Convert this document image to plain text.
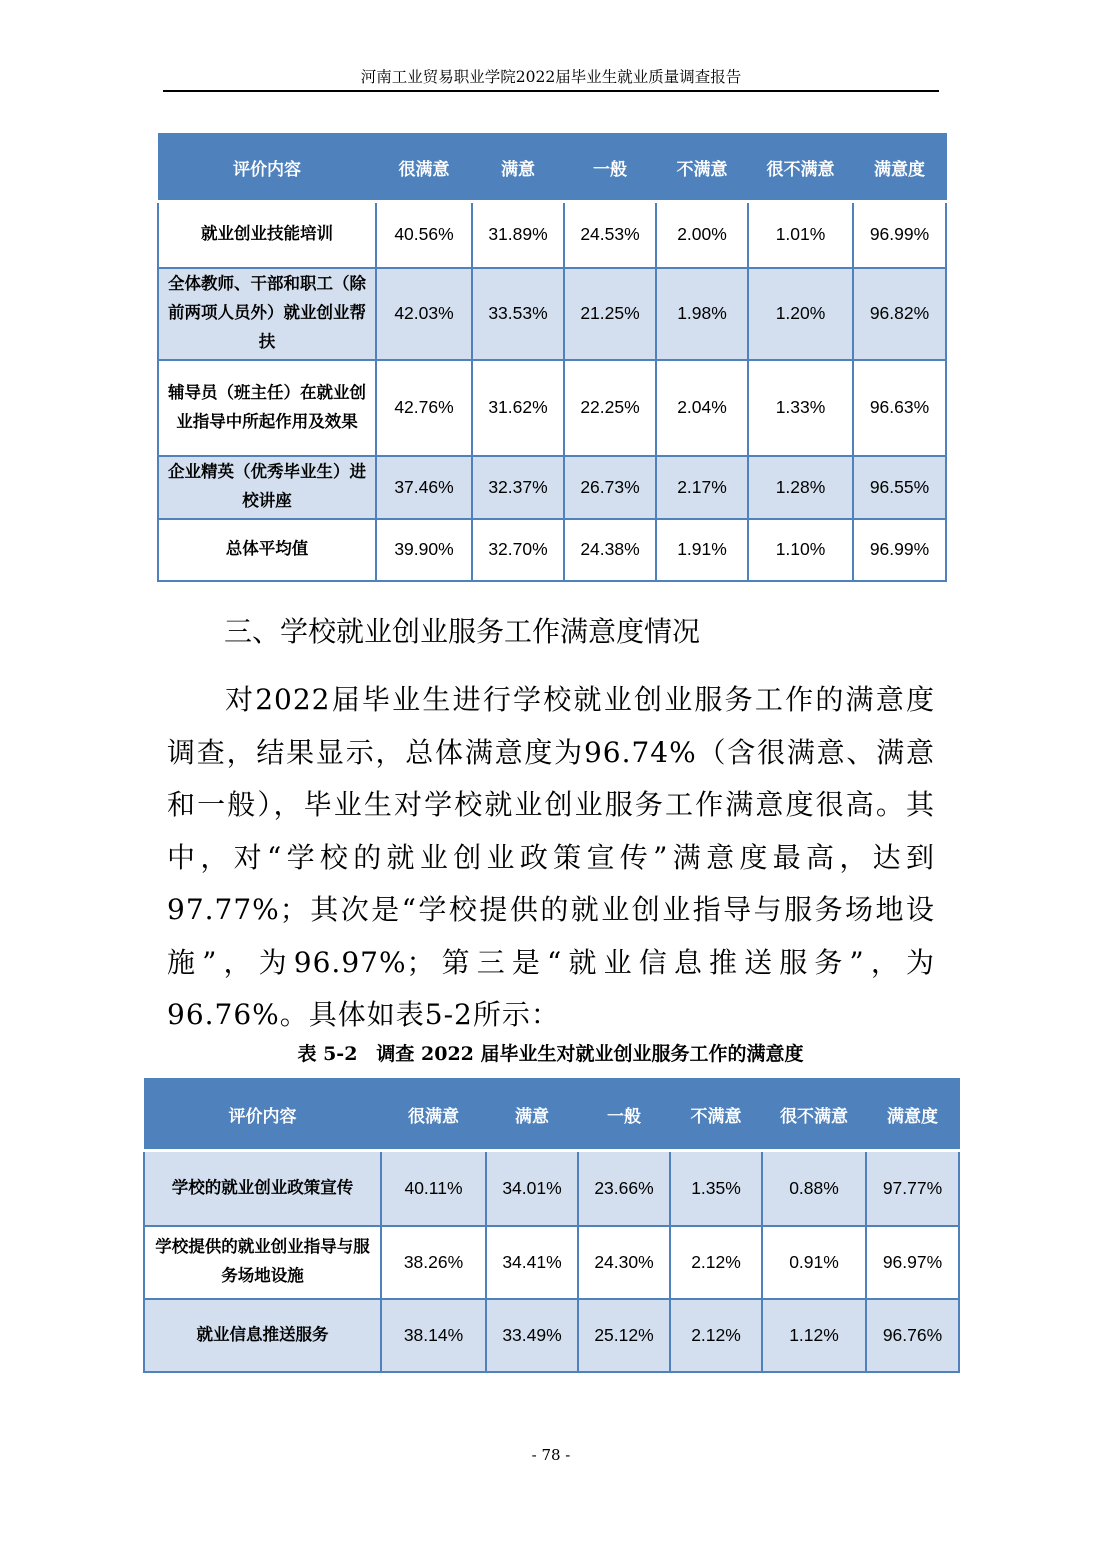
河南工业贸易职业学院2022届毕业生就业质量调查报告
评价内容	很满意	满意	一般	不满意	很不满意	满意度
就业创业技能培训	40.56%	31.89%	24.53%	2.00%	1.01%	96.99%
全体教师、干部和职工（除前两项人员外）就业创业帮扶	42.03%	33.53%	21.25%	1.98%	1.20%	96.82%
辅导员（班主任）在就业创业指导中所起作用及效果	42.76%	31.62%	22.25%	2.04%	1.33%	96.63%
企业精英（优秀毕业生）进校讲座	37.46%	32.37%	26.73%	2.17%	1.28%	96.55%
总体平均值	39.90%	32.70%	24.38%	1.91%	1.10%	96.99%
三、学校就业创业服务工作满意度情况
对2022届毕业生进行学校就业创业服务工作的满意度调查，结果显示，总体满意度为96.74%（含很满意、满意和一般），毕业生对学校就业创业服务工作满意度很高。其中，对“学校的就业创业政策宣传”满意度最高，达到97.77%；其次是“学校提供的就业创业指导与服务场地设施”，为96.97%；第三是“就业信息推送服务”，为96.76%。具体如表5-2所示：
表 5-2　调查 2022 届毕业生对就业创业服务工作的满意度
评价内容	很满意	满意	一般	不满意	很不满意	满意度
学校的就业创业政策宣传	40.11%	34.01%	23.66%	1.35%	0.88%	97.77%
学校提供的就业创业指导与服务场地设施	38.26%	34.41%	24.30%	2.12%	0.91%	96.97%
就业信息推送服务	38.14%	33.49%	25.12%	2.12%	1.12%	96.76%
- 78 -
